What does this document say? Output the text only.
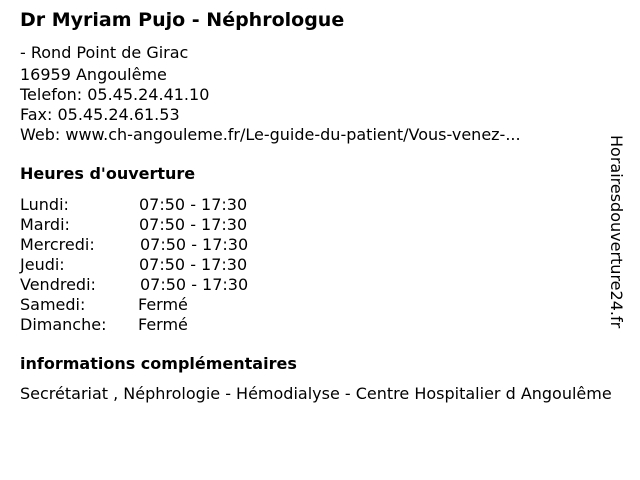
Dr Myriam Pujo - Néphrologue
- Rond Point de Girac
16959 Angoulême
Telefon: 05.45.24.41.10
Fax: 05.45.24.61.53
Web: www.ch-angouleme.fr/Le-guide-du-patient/Vous-venez-...
Heures d'ouverture
Lundi:	07:50 - 17:30
Mardi:	07:50 - 17:30
Mercredi:	07:50 - 17:30
Jeudi:	07:50 - 17:30
Vendredi:	07:50 - 17:30
Samedi:	Fermé
Dimanche: Fermé
informations complémentaires
Secrétariat , Néphrologie - Hémodialyse - Centre Hospitalier d Angoulême
Horairesdouverture24.fr
